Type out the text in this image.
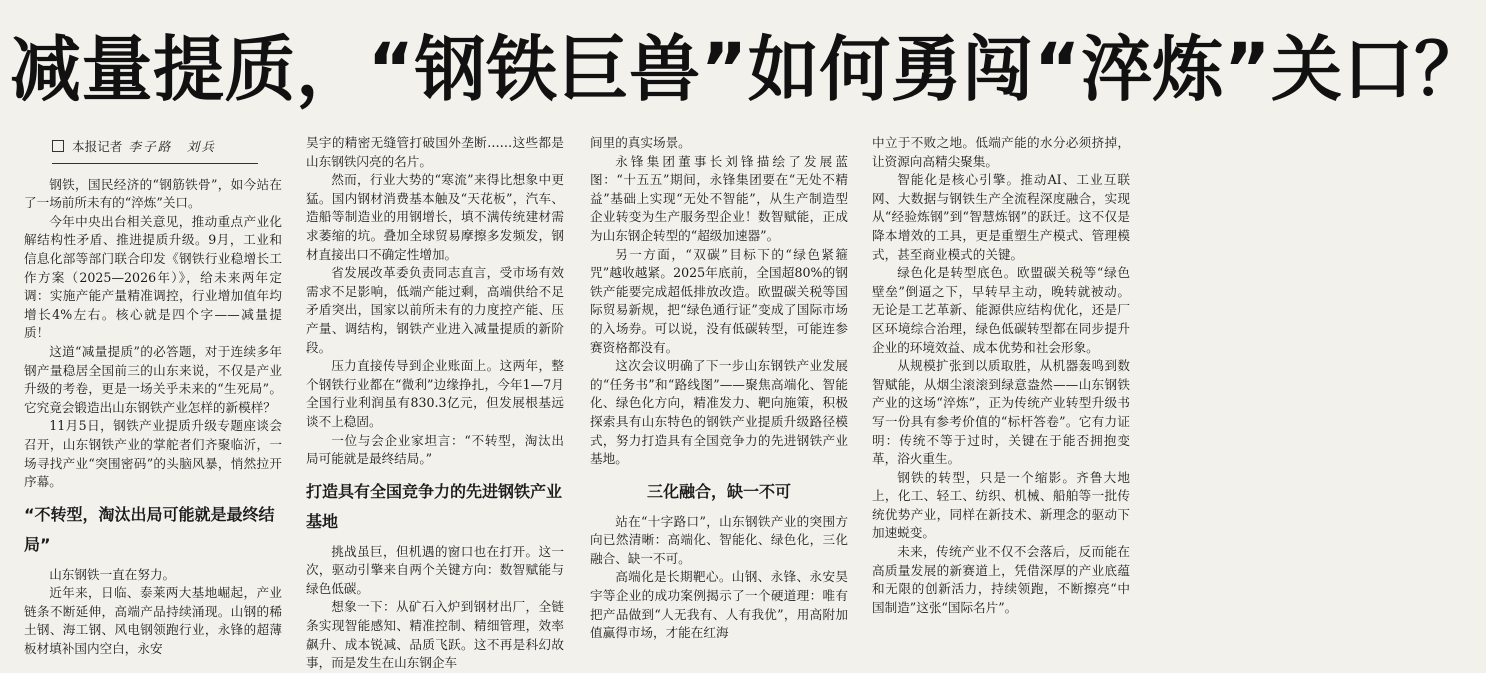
减量提质，“钢铁巨兽”如何勇闯“淬炼”关口？
本报记者 李子路　刘兵

钢铁，国民经济的“钢筋铁骨”，如今站在了一场前所未有的“淬炼”关口。

今年中央出台相关意见，推动重点产业化解结构性矛盾、推进提质升级。9月，工业和信息化部等部门联合印发《钢铁行业稳增长工作方案（2025—2026年）》，给未来两年定调：实施产能产量精准调控，行业增加值年均增长4%左右。核心就是四个字——减量提质！

这道“减量提质”的必答题，对于连续多年钢产量稳居全国前三的山东来说，不仅是产业升级的考卷，更是一场关乎未来的“生死局”。它究竟会锻造出山东钢铁产业怎样的新模样？

11月5日，钢铁产业提质升级专题座谈会召开，山东钢铁产业的掌舵者们齐聚临沂，一场寻找产业“突围密码”的头脑风暴，悄然拉开序幕。

“不转型，淘汰出局可能就是最终结局”

山东钢铁一直在努力。

近年来，日临、泰莱两大基地崛起，产业链条不断延伸，高端产品持续涌现。山钢的稀土钢、海工钢、风电钢领跑行业，永锋的超薄板材填补国内空白，永安

昊宇的精密无缝管打破国外垄断……这些都是山东钢铁闪亮的名片。

然而，行业大势的“寒流”来得比想象中更猛。国内钢材消费基本触及“天花板”，汽车、造船等制造业的用钢增长，填不满传统建材需求萎缩的坑。叠加全球贸易摩擦多发频发，钢材直接出口不确定性增加。

省发展改革委负责同志直言，受市场有效需求不足影响，低端产能过剩，高端供给不足矛盾突出，国家以前所未有的力度控产能、压产量、调结构，钢铁产业进入减量提质的新阶段。

压力直接传导到企业账面上。这两年，整个钢铁行业都在“微利”边缘挣扎，今年1—7月全国行业利润虽有830.3亿元，但发展根基远谈不上稳固。

一位与会企业家坦言：“不转型，淘汰出局可能就是最终结局。”

打造具有全国竞争力的先进钢铁产业基地

挑战虽巨，但机遇的窗口也在打开。这一次，驱动引擎来自两个关键方向：数智赋能与绿色低碳。

想象一下：从矿石入炉到钢材出厂，全链条实现智能感知、精准控制、精细管理，效率飙升、成本锐减、品质飞跃。这不再是科幻故事，而是发生在山东钢企车

间里的真实场景。

永锋集团董事长刘锋描绘了发展蓝图：“十五五”期间，永锋集团要在“无处不精益”基础上实现“无处不智能”，从生产制造型企业转变为生产服务型企业！数智赋能，正成为山东钢企转型的“超级加速器”。

另一方面，“双碳”目标下的“绿色紧箍咒”越收越紧。2025年底前，全国超80%的钢铁产能要完成超低排放改造。欧盟碳关税等国际贸易新规，把“绿色通行证”变成了国际市场的入场券。可以说，没有低碳转型，可能连参赛资格都没有。

这次会议明确了下一步山东钢铁产业发展的“任务书”和“路线图”——聚焦高端化、智能化、绿色化方向，精准发力、靶向施策，积极探索具有山东特色的钢铁产业提质升级路径模式，努力打造具有全国竞争力的先进钢铁产业基地。

三化融合，缺一不可

站在“十字路口”，山东钢铁产业的突围方向已然清晰：高端化、智能化、绿色化，三化融合、缺一不可。

高端化是长期靶心。山钢、永锋、永安昊宇等企业的成功案例揭示了一个硬道理：唯有把产品做到“人无我有、人有我优”，用高附加值赢得市场，才能在红海

中立于不败之地。低端产能的水分必须挤掉，让资源向高精尖聚集。

智能化是核心引擎。推动AI、工业互联网、大数据与钢铁生产全流程深度融合，实现从“经验炼钢”到“智慧炼钢”的跃迁。这不仅是降本增效的工具，更是重塑生产模式、管理模式，甚至商业模式的关键。

绿色化是转型底色。欧盟碳关税等“绿色壁垒”倒逼之下，早转早主动，晚转就被动。无论是工艺革新、能源供应结构优化，还是厂区环境综合治理，绿色低碳转型都在同步提升企业的环境效益、成本优势和社会形象。

从规模扩张到以质取胜，从机器轰鸣到数智赋能，从烟尘滚滚到绿意盎然——山东钢铁产业的这场“淬炼”，正为传统产业转型升级书写一份具有参考价值的“标杆答卷”。它有力证明：传统不等于过时，关键在于能否拥抱变革，浴火重生。

钢铁的转型，只是一个缩影。齐鲁大地上，化工、轻工、纺织、机械、船舶等一批传统优势产业，同样在新技术、新理念的驱动下加速蜕变。

未来，传统产业不仅不会落后，反而能在高质量发展的新赛道上，凭借深厚的产业底蕴和无限的创新活力，持续领跑，不断擦亮“中国制造”这张“国际名片”。
